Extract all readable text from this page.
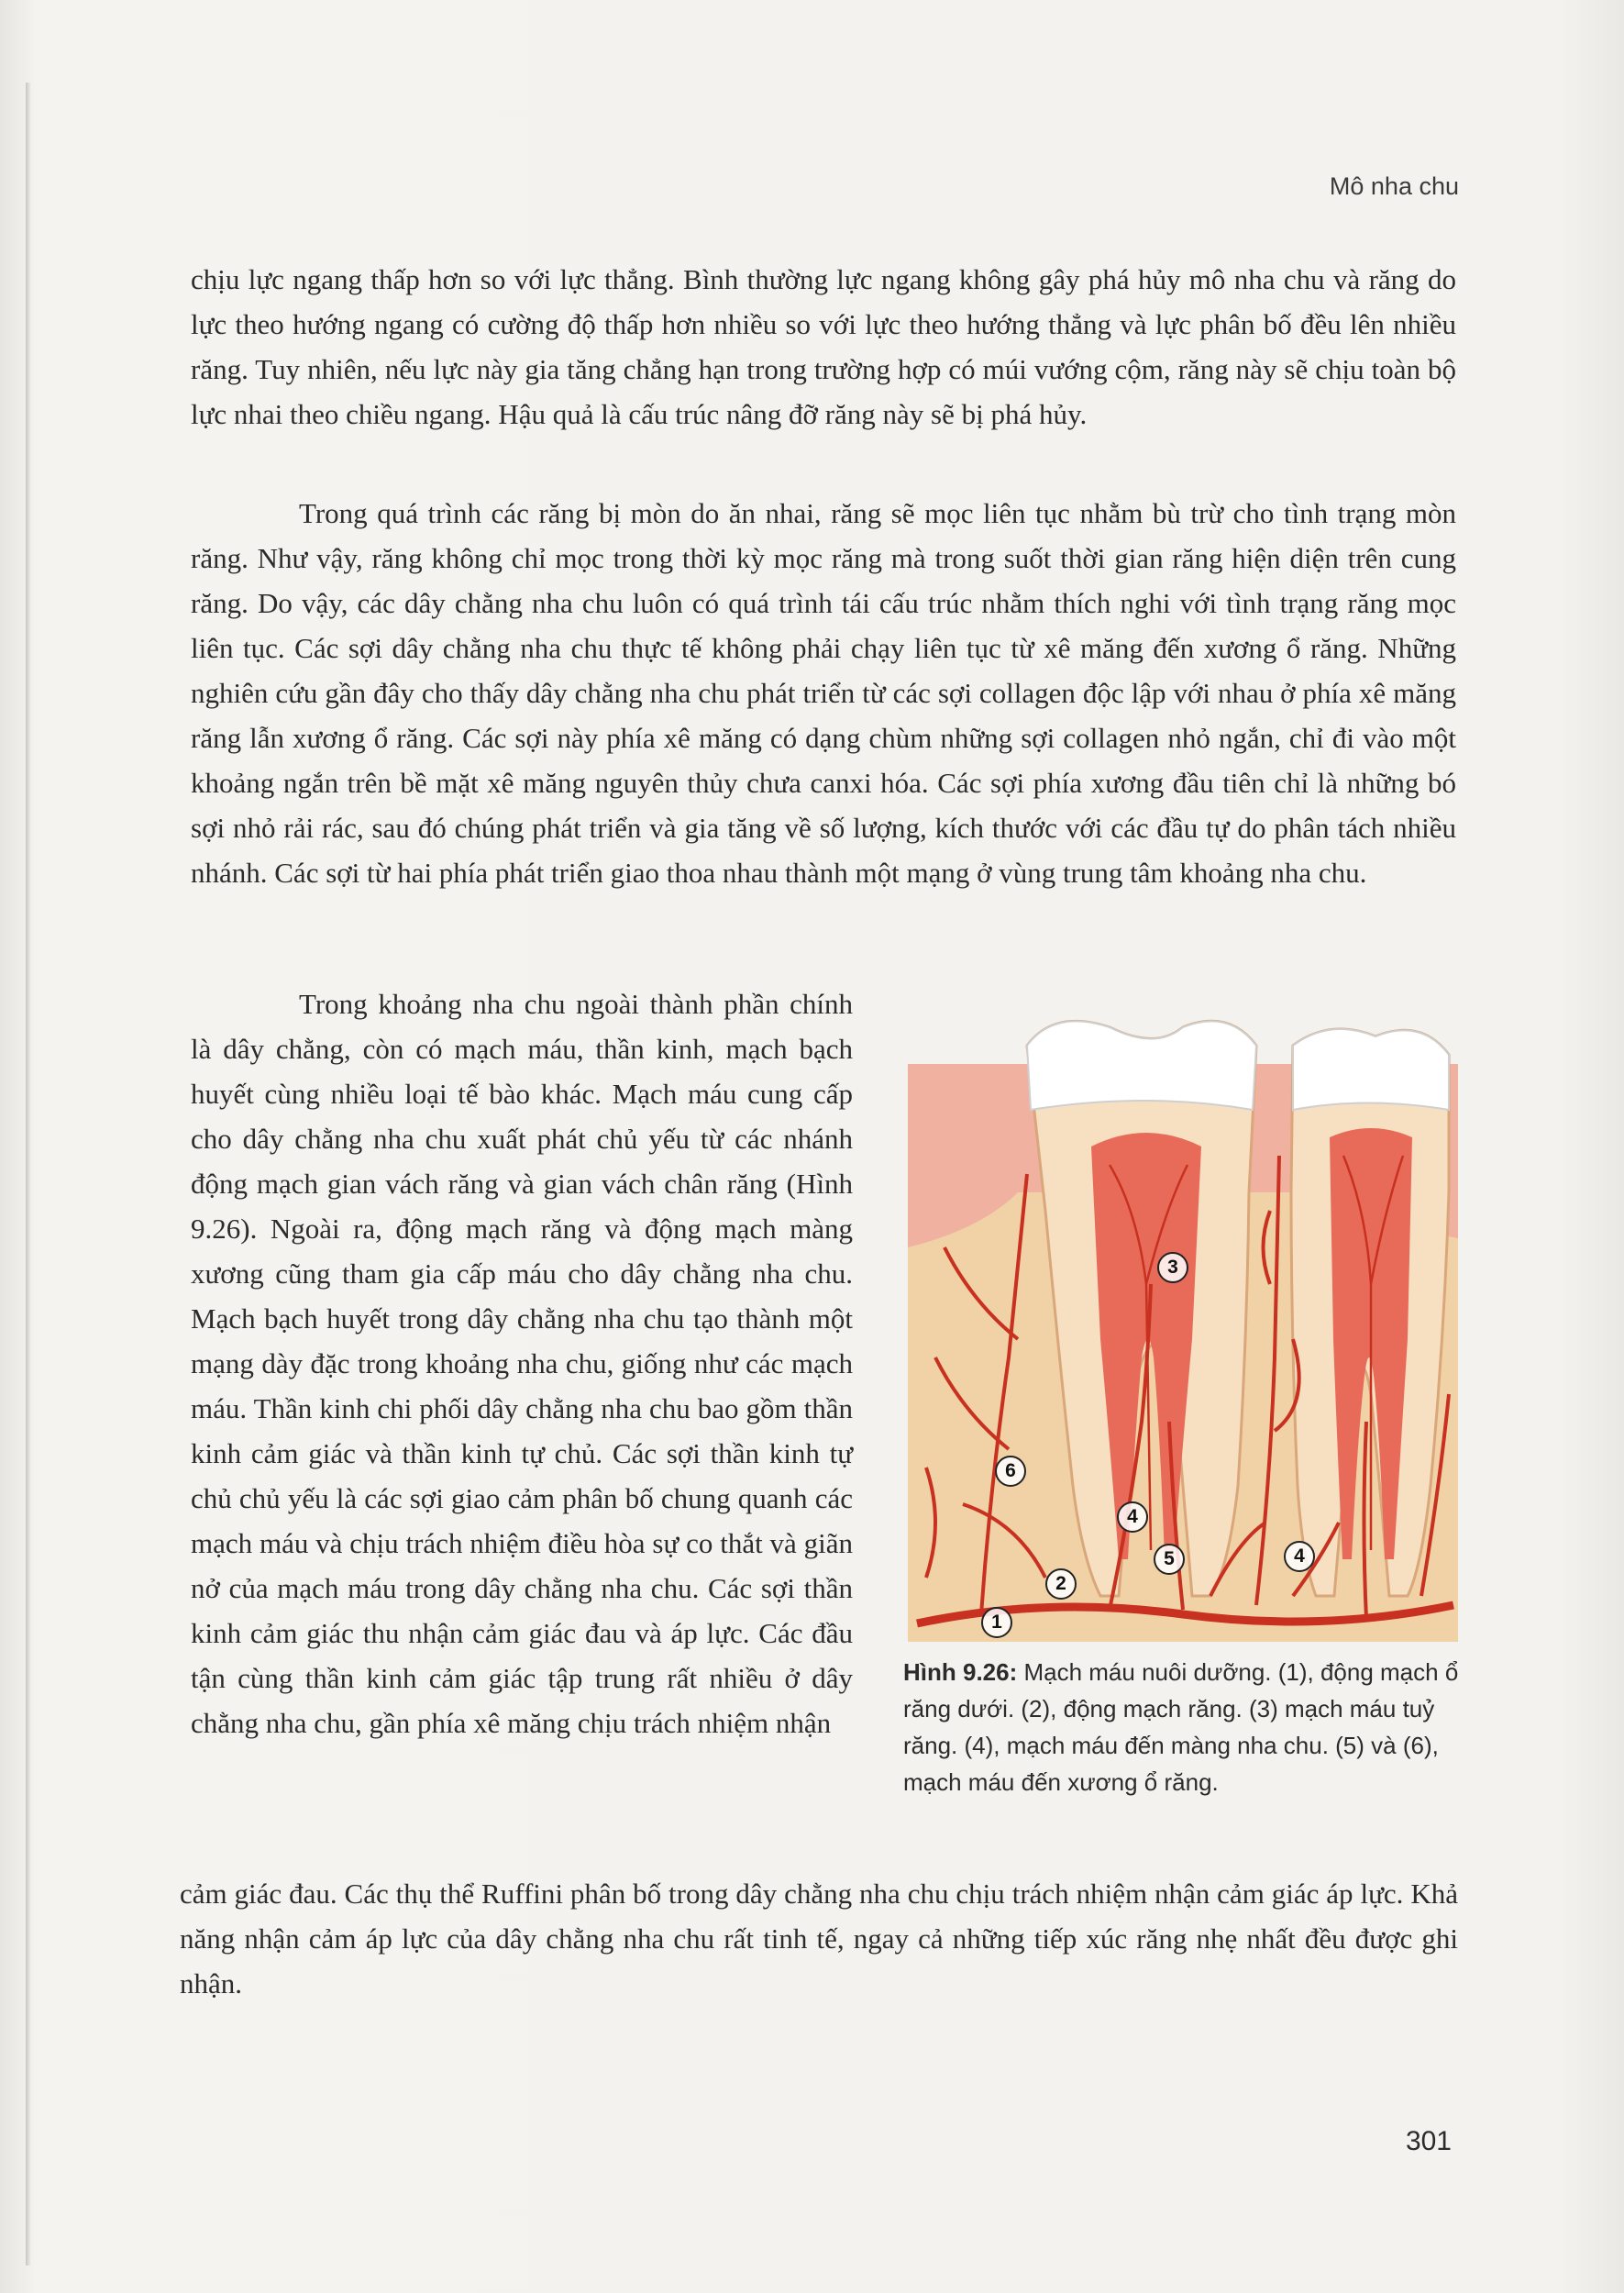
Mô nha chu

chịu lực ngang thấp hơn so với lực thẳng. Bình thường lực ngang không gây phá hủy mô nha chu và răng do lực theo hướng ngang có cường độ thấp hơn nhiều so với lực theo hướng thẳng và lực phân bố đều lên nhiều răng. Tuy nhiên, nếu lực này gia tăng chẳng hạn trong trường hợp có múi vướng cộm, răng này sẽ chịu toàn bộ lực nhai theo chiều ngang. Hậu quả là cấu trúc nâng đỡ răng này sẽ bị phá hủy.

Trong quá trình các răng bị mòn do ăn nhai, răng sẽ mọc liên tục nhằm bù trừ cho tình trạng mòn răng. Như vậy, răng không chỉ mọc trong thời kỳ mọc răng mà trong suốt thời gian răng hiện diện trên cung răng. Do vậy, các dây chằng nha chu luôn có quá trình tái cấu trúc nhằm thích nghi với tình trạng răng mọc liên tục. Các sợi dây chằng nha chu thực tế không phải chạy liên tục từ xê măng đến xương ổ răng. Những nghiên cứu gần đây cho thấy dây chằng nha chu phát triển từ các sợi collagen độc lập với nhau ở phía xê măng răng lẫn xương ổ răng. Các sợi này phía xê măng có dạng chùm những sợi collagen nhỏ ngắn, chỉ đi vào một khoảng ngắn trên bề mặt xê măng nguyên thủy chưa canxi hóa. Các sợi phía xương đầu tiên chỉ là những bó sợi nhỏ rải rác, sau đó chúng phát triển và gia tăng về số lượng, kích thước với các đầu tự do phân tách nhiều nhánh. Các sợi từ hai phía phát triển giao thoa nhau thành một mạng ở vùng trung tâm khoảng nha chu.

Trong khoảng nha chu ngoài thành phần chính là dây chằng, còn có mạch máu, thần kinh, mạch bạch huyết cùng nhiều loại tế bào khác. Mạch máu cung cấp cho dây chằng nha chu xuất phát chủ yếu từ các nhánh động mạch gian vách răng và gian vách chân răng (Hình 9.26). Ngoài ra, động mạch răng và động mạch màng xương cũng tham gia cấp máu cho dây chằng nha chu. Mạch bạch huyết trong dây chằng nha chu tạo thành một mạng dày đặc trong khoảng nha chu, giống như các mạch máu. Thần kinh chi phối dây chằng nha chu bao gồm thần kinh cảm giác và thần kinh tự chủ. Các sợi thần kinh tự chủ chủ yếu là các sợi giao cảm phân bố chung quanh các mạch máu và chịu trách nhiệm điều hòa sự co thắt và giãn nở của mạch máu trong dây chằng nha chu. Các sợi thần kinh cảm giác thu nhận cảm giác đau và áp lực. Các đầu tận cùng thần kinh cảm giác tập trung rất nhiều ở dây chằng nha chu, gần phía xê măng chịu trách nhiệm nhận

3
6
4
5	4
2
1
Hình 9.26: Mạch máu nuôi dưỡng. (1), động mạch ổ răng dưới. (2), động mạch răng. (3) mạch máu tuỷ răng. (4), mạch máu đến màng nha chu. (5) và (6), mạch máu đến xương ổ răng.

cảm giác đau. Các thụ thể Ruffini phân bố trong dây chằng nha chu chịu trách nhiệm nhận cảm giác áp lực. Khả năng nhận cảm áp lực của dây chằng nha chu rất tinh tế, ngay cả những tiếp xúc răng nhẹ nhất đều được ghi nhận.

301
